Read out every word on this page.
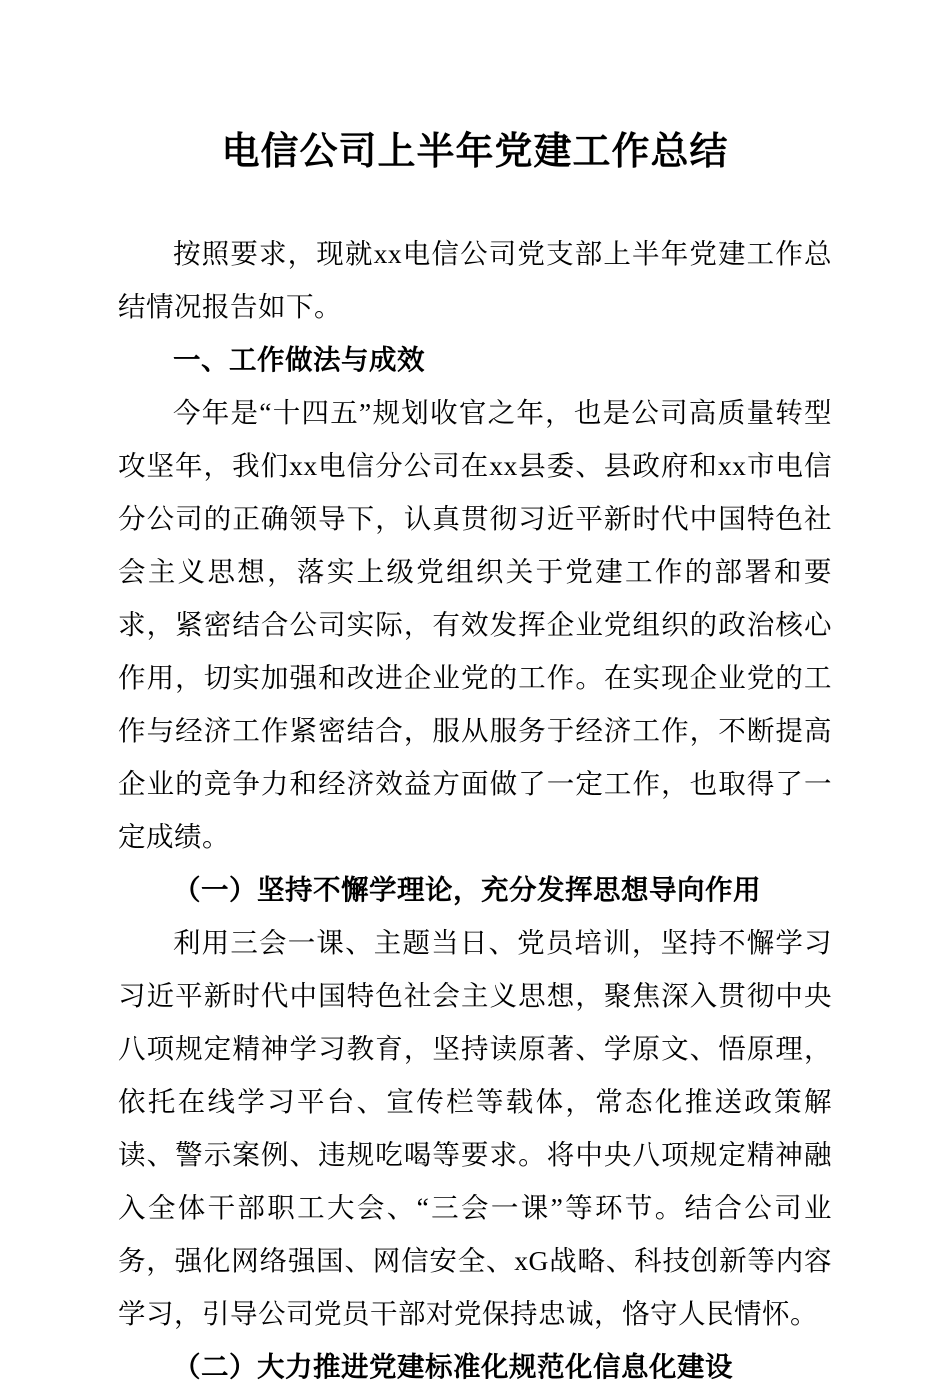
电信公司上半年党建工作总结

按照要求，现就xx电信公司党支部上半年党建工作总结情况报告如下。

一、工作做法与成效

今年是“十四五”规划收官之年，也是公司高质量转型攻坚年，我们xx电信分公司在xx县委、县政府和xx市电信分公司的正确领导下，认真贯彻习近平新时代中国特色社会主义思想，落实上级党组织关于党建工作的部署和要求，紧密结合公司实际，有效发挥企业党组织的政治核心作用，切实加强和改进企业党的工作。在实现企业党的工作与经济工作紧密结合，服从服务于经济工作，不断提高企业的竞争力和经济效益方面做了一定工作，也取得了一定成绩。

（一）坚持不懈学理论，充分发挥思想导向作用

利用三会一课、主题当日、党员培训，坚持不懈学习习近平新时代中国特色社会主义思想，聚焦深入贯彻中央八项规定精神学习教育，坚持读原著、学原文、悟原理，依托在线学习平台、宣传栏等载体，常态化推送政策解读、警示案例、违规吃喝等要求。将中央八项规定精神融入全体干部职工大会、“三会一课”等环节。结合公司业务，强化网络强国、网信安全、xG战略、科技创新等内容学习，引导公司党员干部对党保持忠诚，恪守人民情怀。

（二）大力推进党建标准化规范化信息化建设
